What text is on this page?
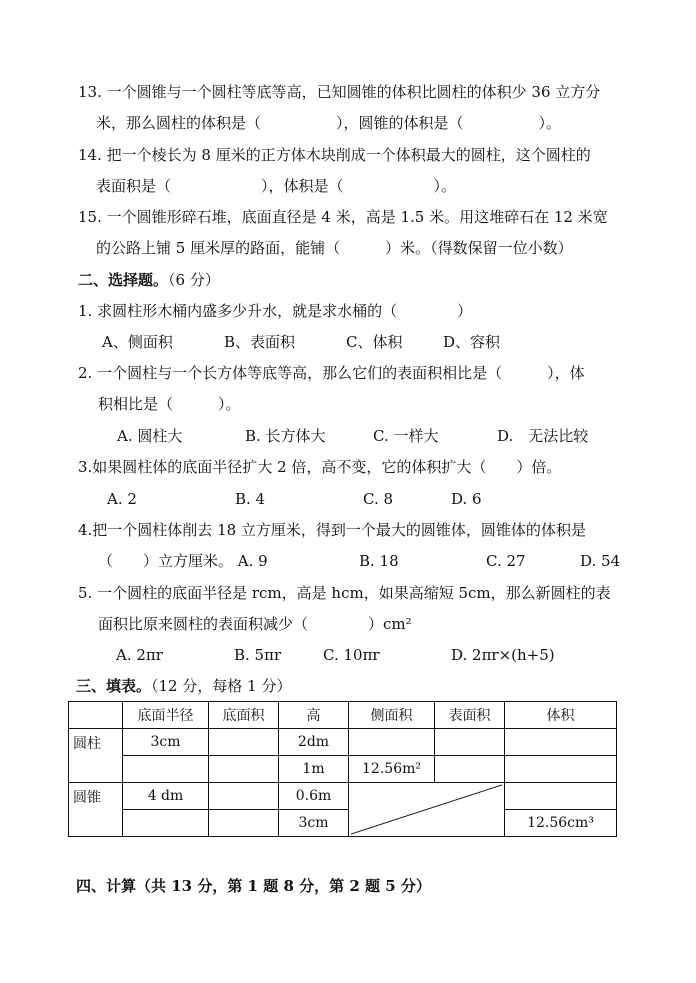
13. 一个圆锥与一个圆柱等底等高，已知圆锥的体积比圆柱的体积少 36 立方分
米，那么圆柱的体积是（　　　　　），圆锥的体积是（　　　　　）。
14. 把一个棱长为 8 厘米的正方体木块削成一个体积最大的圆柱，这个圆柱的
表面积是（　　　　　　），体积是（　　　　　　）。
15. 一个圆锥形碎石堆，底面直径是 4 米，高是 1.5 米。用这堆碎石在 12 米宽
的公路上铺 5 厘米厚的路面，能铺（　　　）米。（得数保留一位小数）
二、选择题。（6 分）
1. 求圆柱形木桶内盛多少升水，就是求水桶的（　　　　）
A、侧面积	B、表面积	C、体积	D、容积
2. 一个圆柱与一个长方体等底等高，那么它们的表面积相比是（　　　），体
积相比是（　　　）。
A. 圆柱大	B. 长方体大	C. 一样大	D.　无法比较
3.如果圆柱体的底面半径扩大 2 倍，高不变，它的体积扩大（　　）倍。
A. 2	B. 4	C. 8	D. 6
4.把一个圆柱体削去 18 立方厘米，得到一个最大的圆锥体，圆锥体的体积是
（　　）立方厘米。 A. 9	B. 18	C. 27	D. 54
5. 一个圆柱的底面半径是 rcm，高是 hcm，如果高缩短 5cm，那么新圆柱的表
面积比原来圆柱的表面积减少（　　　　）cm²
A. 2πr	B. 5πr	C. 10πr	D. 2πr×(h+5)
三、填表。（12 分，每格 1 分）
	底面半径	底面积	高	侧面积	表面积	体积
圆柱	3cm		2dm			
			1m	12.56m²		
圆锥	4 dm		0.6m	

			3cm			12.56cm³
四、计算（共 13 分，第 1 题 8 分，第 2 题 5 分）
